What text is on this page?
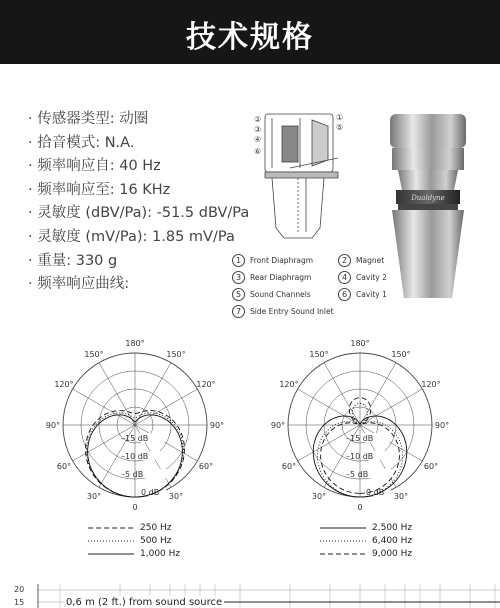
技术规格
· 传感器类型: 动圈
· 拾音模式: N.A.
· 频率响应自: 40 Hz
· 频率响应至: 16 KHz
· 灵敏度 (dBV/Pa): -51.5 dBV/Pa
· 灵敏度 (mV/Pa): 1.85 mV/Pa
· 重量: 330 g
· 频率响应曲线:
①
②
③
④
⑤
⑥
Dualdyne
1	Front Diaphragm	2	Magnet
3	Rear Diaphragm	4	Cavity 2
5	Sound Channels	6	Cavity 1
7	Side Entry Sound Inlet
180°
150°	150°
120°	120°
90°	90°
60°	60°
30°	30°
0
–15 dB
–10 dB
–5 dB
0 dB
180°
150°	150°
120°	120°
90°	90°
60°	60°
30°	30°
0
–15 dB
–10 dB
–5 dB
0 dB
250 Hz
500 Hz
1,000 Hz
2,500 Hz
6,400 Hz
9,000 Hz
20
15	0,6 m (2 ft.) from sound source
